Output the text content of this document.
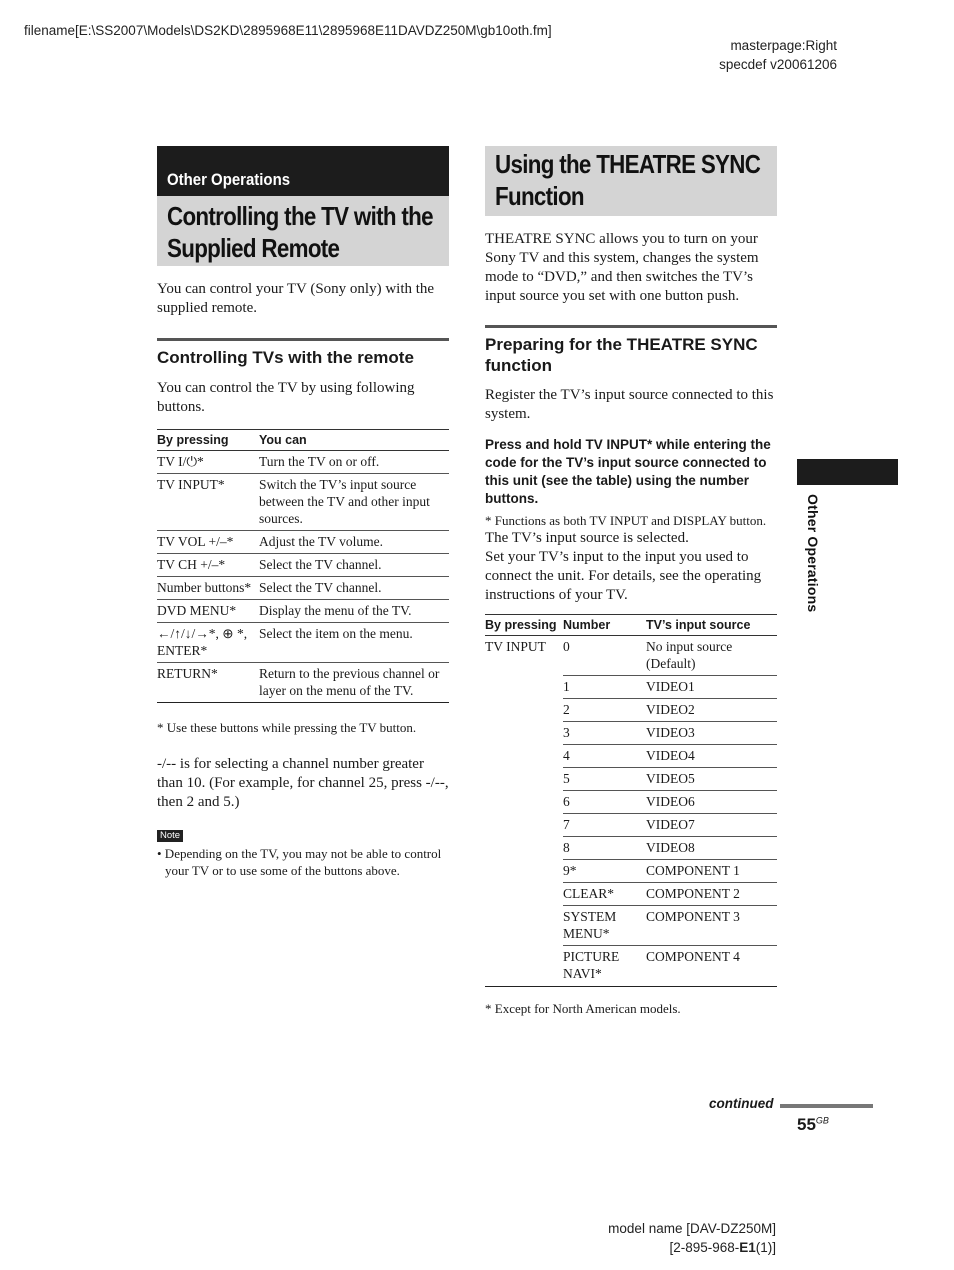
filename[E:\SS2007\Models\DS2KD\2895968E11\2895968E11DAVDZ250M\gb10oth.fm]
masterpage:Right
specdef v20061206
Other Operations
Controlling the TV with the
Supplied Remote

You can control your TV (Sony only) with the supplied remote.

Controlling TVs with the remote

You can control the TV by using following buttons.

By pressing	You can
TV I/⏻*	Turn the TV on or off.
TV INPUT*	Switch the TV’s input source between the TV and other input sources.
TV VOL +/–*	Adjust the TV volume.
TV CH +/–*	Select the TV channel.
Number buttons*	Select the TV channel.
DVD MENU*	Display the menu of the TV.
←/↑/↓/→*, ⊕ *, ENTER*	Select the item on the menu.
RETURN*	Return to the previous channel or layer on the menu of the TV.

* Use these buttons while pressing the TV button.

-/-- is for selecting a channel number greater than 10. (For example, for channel 25, press -/--, then 2 and 5.)

Note

• Depending on the TV, you may not be able to control your TV or to use some of the buttons above.

Using the THEATRE SYNC
Function

THEATRE SYNC allows you to turn on your Sony TV and this system, changes the system mode to “DVD,” and then switches the TV’s input source you set with one button push.

Preparing for the THEATRE SYNC function

Register the TV’s input source connected to this system.

Press and hold TV INPUT* while entering the code for the TV’s input source connected to this unit (see the table) using the number buttons.

* Functions as both TV INPUT and DISPLAY button.

The TV’s input source is selected.

Set your TV’s input to the input you used to connect the unit. For details, see the operating instructions of your TV.

By pressing	Number	TV’s input source
TV INPUT	0	No input source (Default)
	1	VIDEO1
	2	VIDEO2
	3	VIDEO3
	4	VIDEO4
	5	VIDEO5
	6	VIDEO6
	7	VIDEO7
	8	VIDEO8
	9*	COMPONENT 1
	CLEAR*	COMPONENT 2
	SYSTEM MENU*	COMPONENT 3
	PICTURE NAVI*	COMPONENT 4

* Except for North American models.

Other Operations
continued
$55^{GB}$
model name [DAV-DZ250M]
[2-895-968-E1(1)]
